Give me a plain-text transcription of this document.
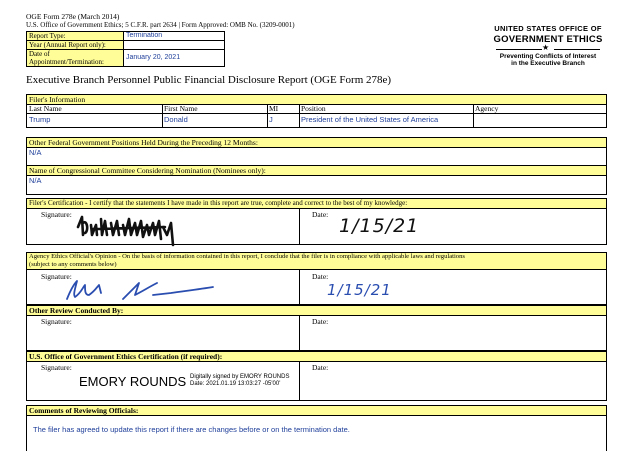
OGE Form 278e (March 2014)
U.S. Office of Government Ethics; 5 C.F.R. part 2634 | Form Approved: OMB No. (3209-0001)
Report Type:	Termination
Year (Annual Report only):	
Date of Appointment/Termination:	January 20, 2021
UNITED STATES OFFICE OF
GOVERNMENT ETHICS
★
Preventing Conflicts of Interest
in the Executive Branch
Executive Branch Personnel Public Financial Disclosure Report (OGE Form 278e)
Filer's Information
Last Name	First Name	MI	Position	Agency
Trump	Donald	J	President of the United States of America
Other Federal Government Positions Held During the Preceding 12 Months:
N/A
Name of Congressional Committee Considering Nomination (Nominees only):
N/A
Filer's Certification - I certify that the statements I have made in this report are true, complete and correct to the best of my knowledge:
Signature:	Date:
1/15/21
Agency Ethics Official's Opinion - On the basis of information contained in this report, I conclude that the filer is in compliance with applicable laws and regulations
(subject to any comments below)
Signature:	Date:
1/15/21
Other Review Conducted By:
Signature:	Date:
U.S. Office of Government Ethics Certification (if required):
Signature:	Date:
EMORY ROUNDS Digitally signed by EMORY ROUNDS
Date: 2021.01.19 13:03:27 -05'00'
Comments of Reviewing Officials:
The filer has agreed to update this report if there are changes before or on the termination date.
